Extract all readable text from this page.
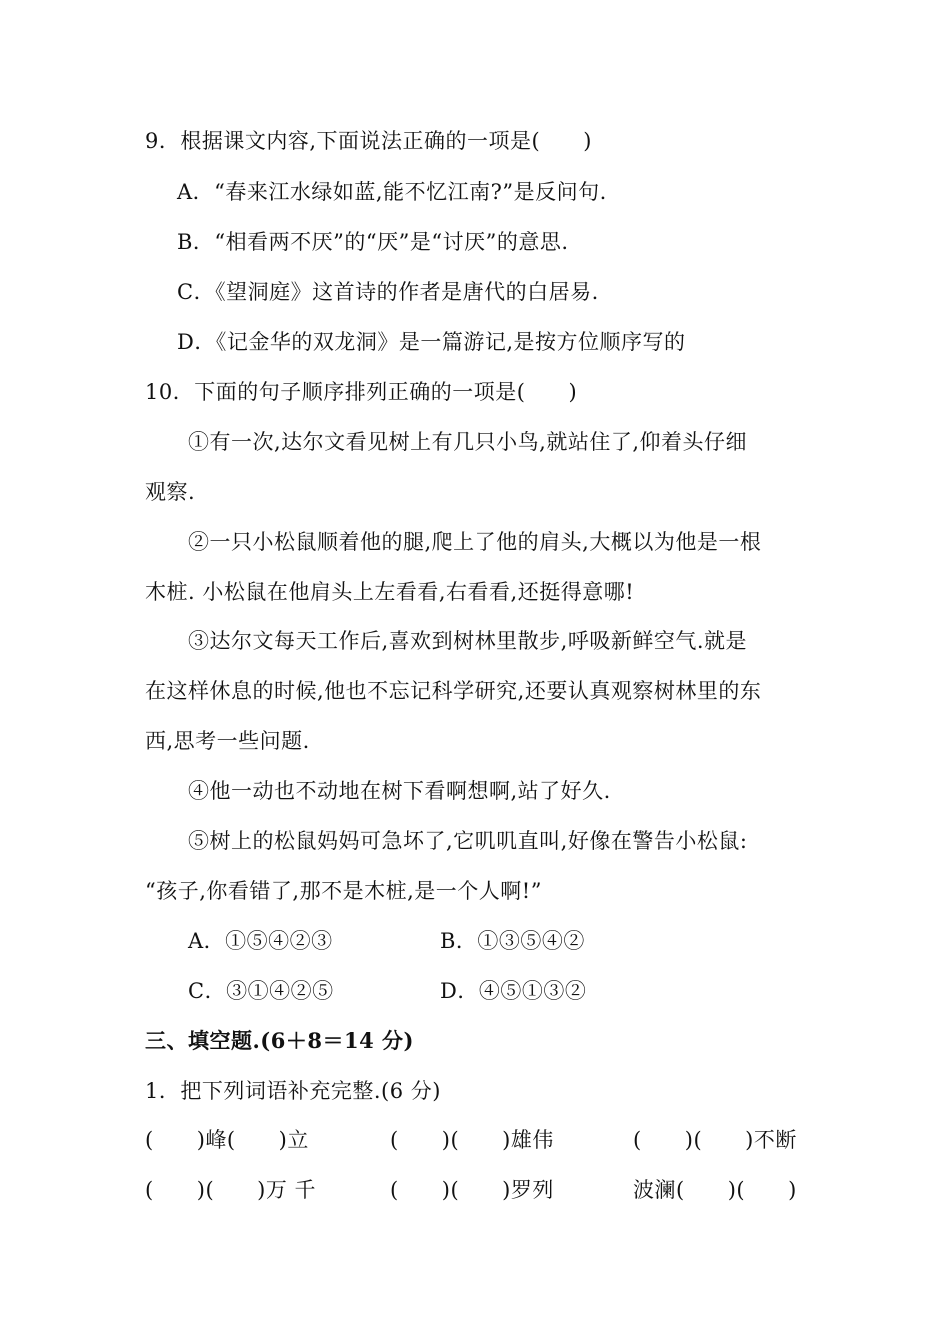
9．根据课文内容,下面说法正确的一项是(      )
A．“春来江水绿如蓝,能不忆江南?”是反问句.
B．“相看两不厌”的“厌”是“讨厌”的意思.
C．《望洞庭》这首诗的作者是唐代的白居易.
D．《记金华的双龙洞》是一篇游记,是按方位顺序写的
10．下面的句子顺序排列正确的一项是(      )
①有一次,达尔文看见树上有几只小鸟,就站住了,仰着头仔细
观察.
②一只小松鼠顺着他的腿,爬上了他的肩头,大概以为他是一根
木桩. 小松鼠在他肩头上左看看,右看看,还挺得意哪!
③达尔文每天工作后,喜欢到树林里散步,呼吸新鲜空气.就是
在这样休息的时候,他也不忘记科学研究,还要认真观察树林里的东
西,思考一些问题.
④他一动也不动地在树下看啊想啊,站了好久.
⑤树上的松鼠妈妈可急坏了,它叽叽直叫,好像在警告小松鼠:
“孩子,你看错了,那不是木桩,是一个人啊!”
A．①⑤④②③	B．①③⑤④②
C．③①④②⑤	D．④⑤①③②
三、填空题.(6＋8＝14 分)
1．把下列词语补充完整.(6 分)
(      )峰(      )立	(      )(      )雄伟	(      )(      )不断
(      )(      )万 千	(      )(      )罗列	波澜(      )(      )
